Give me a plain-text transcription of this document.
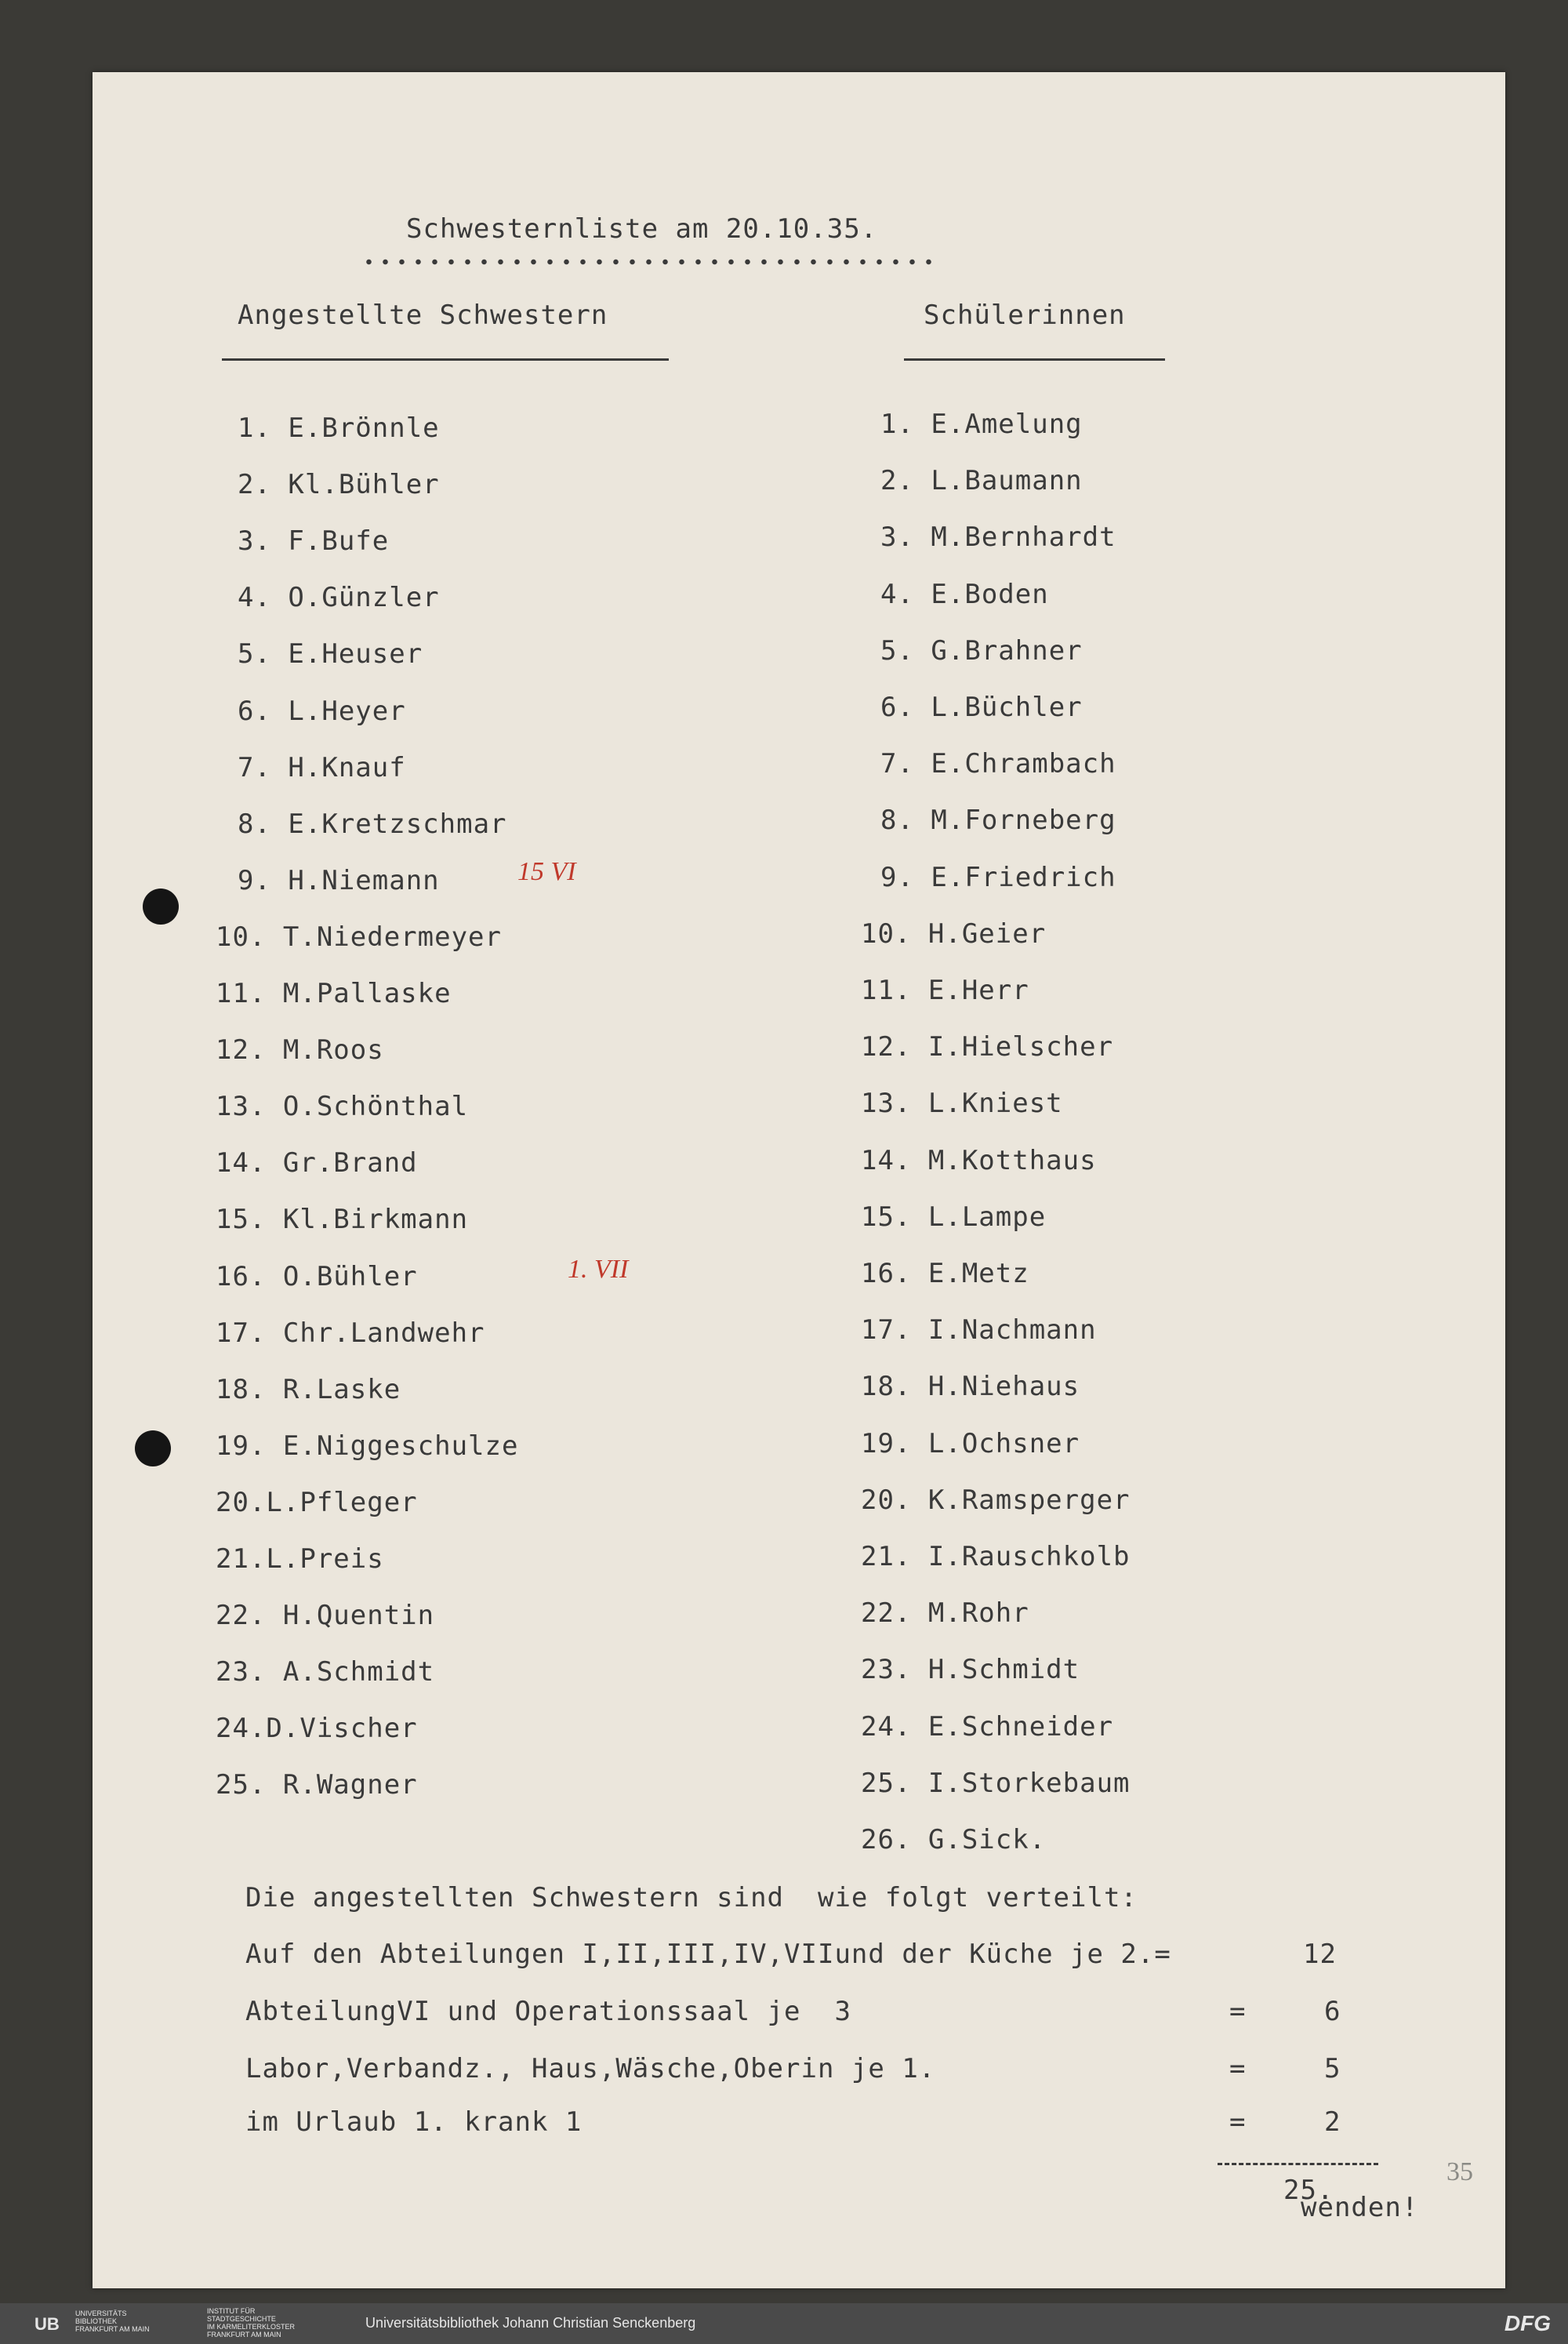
Schwesternliste am 20.10.35.
Angestellte Schwestern	Schülerinnen
1. E.Brönnle
2. Kl.Bühler
3. F.Bufe
4. O.Günzler
5. E.Heuser
6. L.Heyer
7. H.Knauf
8. E.Kretzschmar
9. H.Niemann
10. T.Niedermeyer
11. M.Pallaske
12. M.Roos
13. O.Schönthal
14. Gr.Brand
15. Kl.Birkmann
16. O.Bühler
17. Chr.Landwehr
18. R.Laske
19. E.Niggeschulze
20.L.Pfleger
21.L.Preis
22. H.Quentin
23. A.Schmidt
24.D.Vischer
25. R.Wagner
1. E.Amelung
2. L.Baumann
3. M.Bernhardt
4. E.Boden
5. G.Brahner
6. L.Büchler
7. E.Chrambach
8. M.Forneberg
9. E.Friedrich
10. H.Geier
11. E.Herr
12. I.Hielscher
13. L.Kniest
14. M.Kotthaus
15. L.Lampe
16. E.Metz
17. I.Nachmann
18. H.Niehaus
19. L.Ochsner
20. K.Ramsperger
21. I.Rauschkolb
22. M.Rohr
23. H.Schmidt
24. E.Schneider
25. I.Storkebaum
26. G.Sick.
15 VI
1. VII
35
Die angestellten Schwestern sind  wie folgt verteilt:
Auf den Abteilungen I,II,III,IV,VIIund der Küche je 2.=	12
AbteilungVI und Operationssaal je  3	=	6
Labor,Verbandz., Haus,Wäsche,Oberin je 1.	=	5
im Urlaub 1. krank 1	=	2
25.
wenden!
UB
UNIVERSITÄTS
BIBLIOTHEK
FRANKFURT AM MAIN
INSTITUT FÜR
STADTGESCHICHTE
IM KARMELITERKLOSTER
FRANKFURT AM MAIN
Universitätsbibliothek Johann Christian Senckenberg	DFG
